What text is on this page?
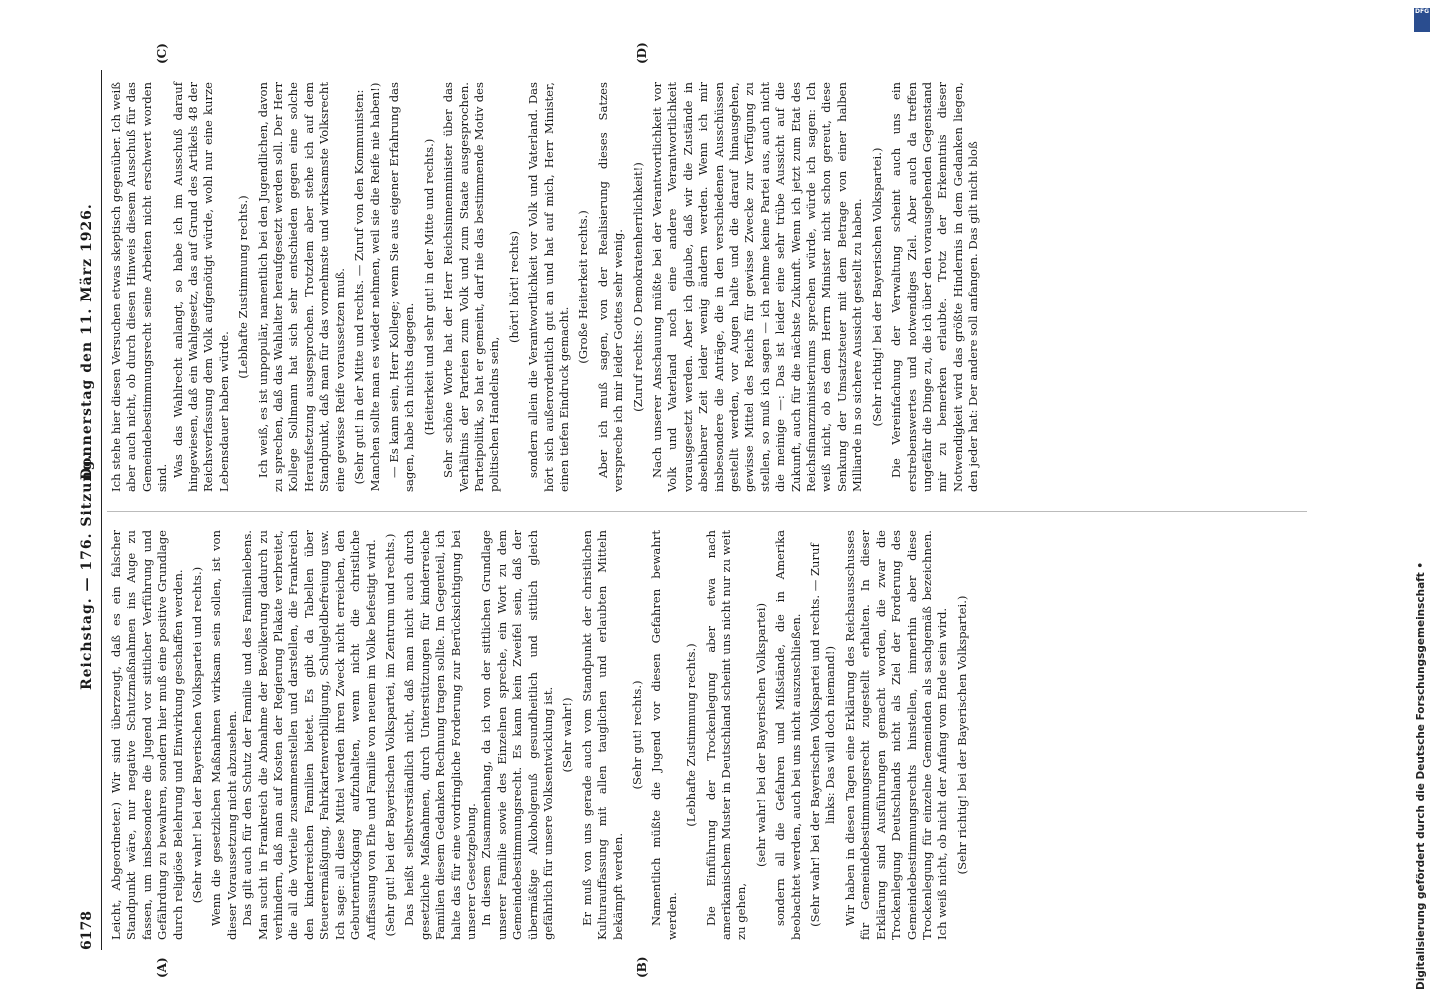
6178
Reichstag. — 176. Sitzung.
Donnerstag den 11. März 1926.
(A)	(B)
(C)	(D)

Leicht, Abgeordneter.) Wir sind überzeugt, daß es ein falscher Standpunkt wäre, nur negative Schutzmaßnahmen ins Auge zu fassen, um insbesondere die Jugend vor sittlicher Verführung und Gefährdung zu bewahren, sondern hier muß eine positive Grundlage durch religiöse Belehrung und Einwirkung geschaffen werden. (Sehr wahr! bei der Bayerischen Volkspartei und rechts.) Wenn die gesetzlichen Maßnahmen wirksam sein sollen, ist von dieser Voraussetzung nicht abzusehen. Das gilt auch für den Schutz der Familie und des Familienlebens. Man sucht in Frankreich die Abnahme der Bevölkerung dadurch zu verhindern, daß man auf Kosten der Regierung Plakate verbreitet, die all die Vorteile zusammenstellen und darstellen, die Frankreich den kinderreichen Familien bietet. Es gibt da Tabellen über Steuerermäßigung, Fahrkartenverbilligung, Schulgeldbefreiung usw. Ich sage: all diese Mittel werden ihren Zweck nicht erreichen, den Geburtenrückgang aufzuhalten, wenn nicht die christliche Auffassung von Ehe und Familie von neuem im Volke befestigt wird. (Sehr gut! bei der Bayerischen Volkspartei, im Zentrum und rechts.) Das heißt selbstverständlich nicht, daß man nicht auch durch gesetzliche Maßnahmen, durch Unterstützungen für kinderreiche Familien diesem Gedanken Rechnung tragen sollte. Im Gegenteil, ich halte das für eine vordringliche Forderung zur Berücksichtigung bei unserer Gesetzgebung. In diesem Zusammenhang, da ich von der sittlichen Grundlage unserer Familie sowie des Einzelnen spreche, ein Wort zu dem Gemeindebestimmungsrecht. Es kann kein Zweifel sein, daß der übermäßige Alkoholgenuß gesundheitlich und sittlich gleich gefährlich für unsere Volksentwicklung ist. (Sehr wahr!) Er muß von uns gerade auch vom Standpunkt der christlichen Kulturauffassung mit allen tauglichen und erlaubten Mitteln bekämpft werden.

(Sehr gut! rechts.) Namentlich müßte die Jugend vor diesen Gefahren bewahrt werden.

(Lebhafte Zustimmung rechts.) Die Einführung der Trockenlegung aber etwa nach amerikanischem Muster in Deutschland scheint uns nicht nur zu weit zu gehen,

(sehr wahr! bei der Bayerischen Volkspartei) sondern all die Gefahren und Mißstände, die in Amerika beobachtet werden, auch bei uns nicht auszuschließen. (Sehr wahr! bei der Bayerischen Volkspartei und rechts. — Zuruf links: Das will doch niemand!) Wir haben in diesen Tagen eine Erklärung des Reichsausschusses für Gemeindebestimmungsrecht zugestellt erhalten. In dieser Erklärung sind Ausführungen gemacht worden, die zwar die Trockenlegung Deutschlands nicht als Ziel der Forderung des Gemeindebestimmungsrechts hinstellen, immerhin aber diese Trockenlegung für einzelne Gemeinden als sachgemäß bezeichnen. Ich weiß nicht, ob nicht der Anfang vom Ende sein wird. (Sehr richtig! bei der Bayerischen Volkspartei.)

Ich stehe hier diesen Versuchen etwas skeptisch gegenüber. Ich weiß aber auch nicht, ob durch diesen Hinweis diesem Ausschuß für das Gemeindebestimmungsrecht seine Arbeiten nicht erschwert worden sind. Was das Wahlrecht anlangt, so habe ich im Ausschuß darauf hingewiesen, daß ein Wahlgesetz, das auf Grund des Artikels 48 der Reichsverfassung dem Volk aufgenötigt würde, wohl nur eine kurze Lebensdauer haben würde.

(Lebhafte Zustimmung rechts.) Ich weiß, es ist unpopulär, namentlich bei den Jugendlichen, davon zu sprechen, daß das Wahlalter heraufgesetzt werden soll. Der Herr Kollege Sollmann hat sich sehr entschieden gegen eine solche Heraufsetzung ausgesprochen. Trotzdem aber stehe ich auf dem Standpunkt, daß man für das vornehmste und wirksamste Volksrecht eine gewisse Reife voraussetzen muß. (Sehr gut! in der Mitte und rechts. — Zuruf von den Kommunisten: Manchen sollte man es wieder nehmen, weil sie die Reife nie haben!) — Es kann sein, Herr Kollege; wenn Sie aus eigener Erfahrung das sagen, habe ich nichts dagegen. (Heiterkeit und sehr gut! in der Mitte und rechts.) Sehr schöne Worte hat der Herr Reichsinnenminister über das Verhältnis der Parteien zum Volk und zum Staate ausgesprochen. Parteipolitik, so hat er gemeint, darf nie das bestimmende Motiv des politischen Handelns sein,

(hört! hört! rechts) sondern allein die Verantwortlichkeit vor Volk und Vaterland. Das hört sich außerordentlich gut an und hat auf mich, Herr Minister, einen tiefen Eindruck gemacht.

(Große Heiterkeit rechts.) Aber ich muß sagen, von der Realisierung dieses Satzes verspreche ich mir leider Gottes sehr wenig. (Zuruf rechts: O Demokratenherrlichkeit!) Nach unserer Anschauung müßte bei der Verantwortlichkeit vor Volk und Vaterland noch eine andere Verantwortlichkeit vorausgesetzt werden. Aber ich glaube, daß wir die Zustände in absehbarer Zeit leider wenig ändern werden. Wenn ich mir insbesondere die Anträge, die in den verschiedenen Ausschüssen gestellt werden, vor Augen halte und die darauf hinausgehen, gewisse Mittel des Reichs für gewisse Zwecke zur Verfügung zu stellen, so muß ich sagen — ich nehme keine Partei aus, auch nicht die meinige —: Das ist leider eine sehr trübe Aussicht auf die Zukunft, auch für die nächste Zukunft. Wenn ich jetzt zum Etat des Reichsfinanzministeriums sprechen würde, würde ich sagen: Ich weiß nicht, ob es dem Herrn Minister nicht schon gereut, diese Senkung der Umsatzsteuer mit dem Betrage von einer halben Milliarde in so sichere Aussicht gestellt zu haben. (Sehr richtig! bei der Bayerischen Volkspartei.) Die Vereinfachung der Verwaltung scheint auch uns ein erstrebenswertes und notwendiges Ziel. Aber auch da treffen ungefähr die Dinge zu, die ich über den vorausgehenden Gegenstand mir zu bemerken erlaubte. Trotz der Erkenntnis dieser Notwendigkeit wird das größte Hindernis in dem Gedanken liegen, den jeder hat: Der andere soll anfangen. Das gilt nicht bloß

Digitalisierung gefördert durch die Deutsche Forschungsgemeinschaft •
DFG
